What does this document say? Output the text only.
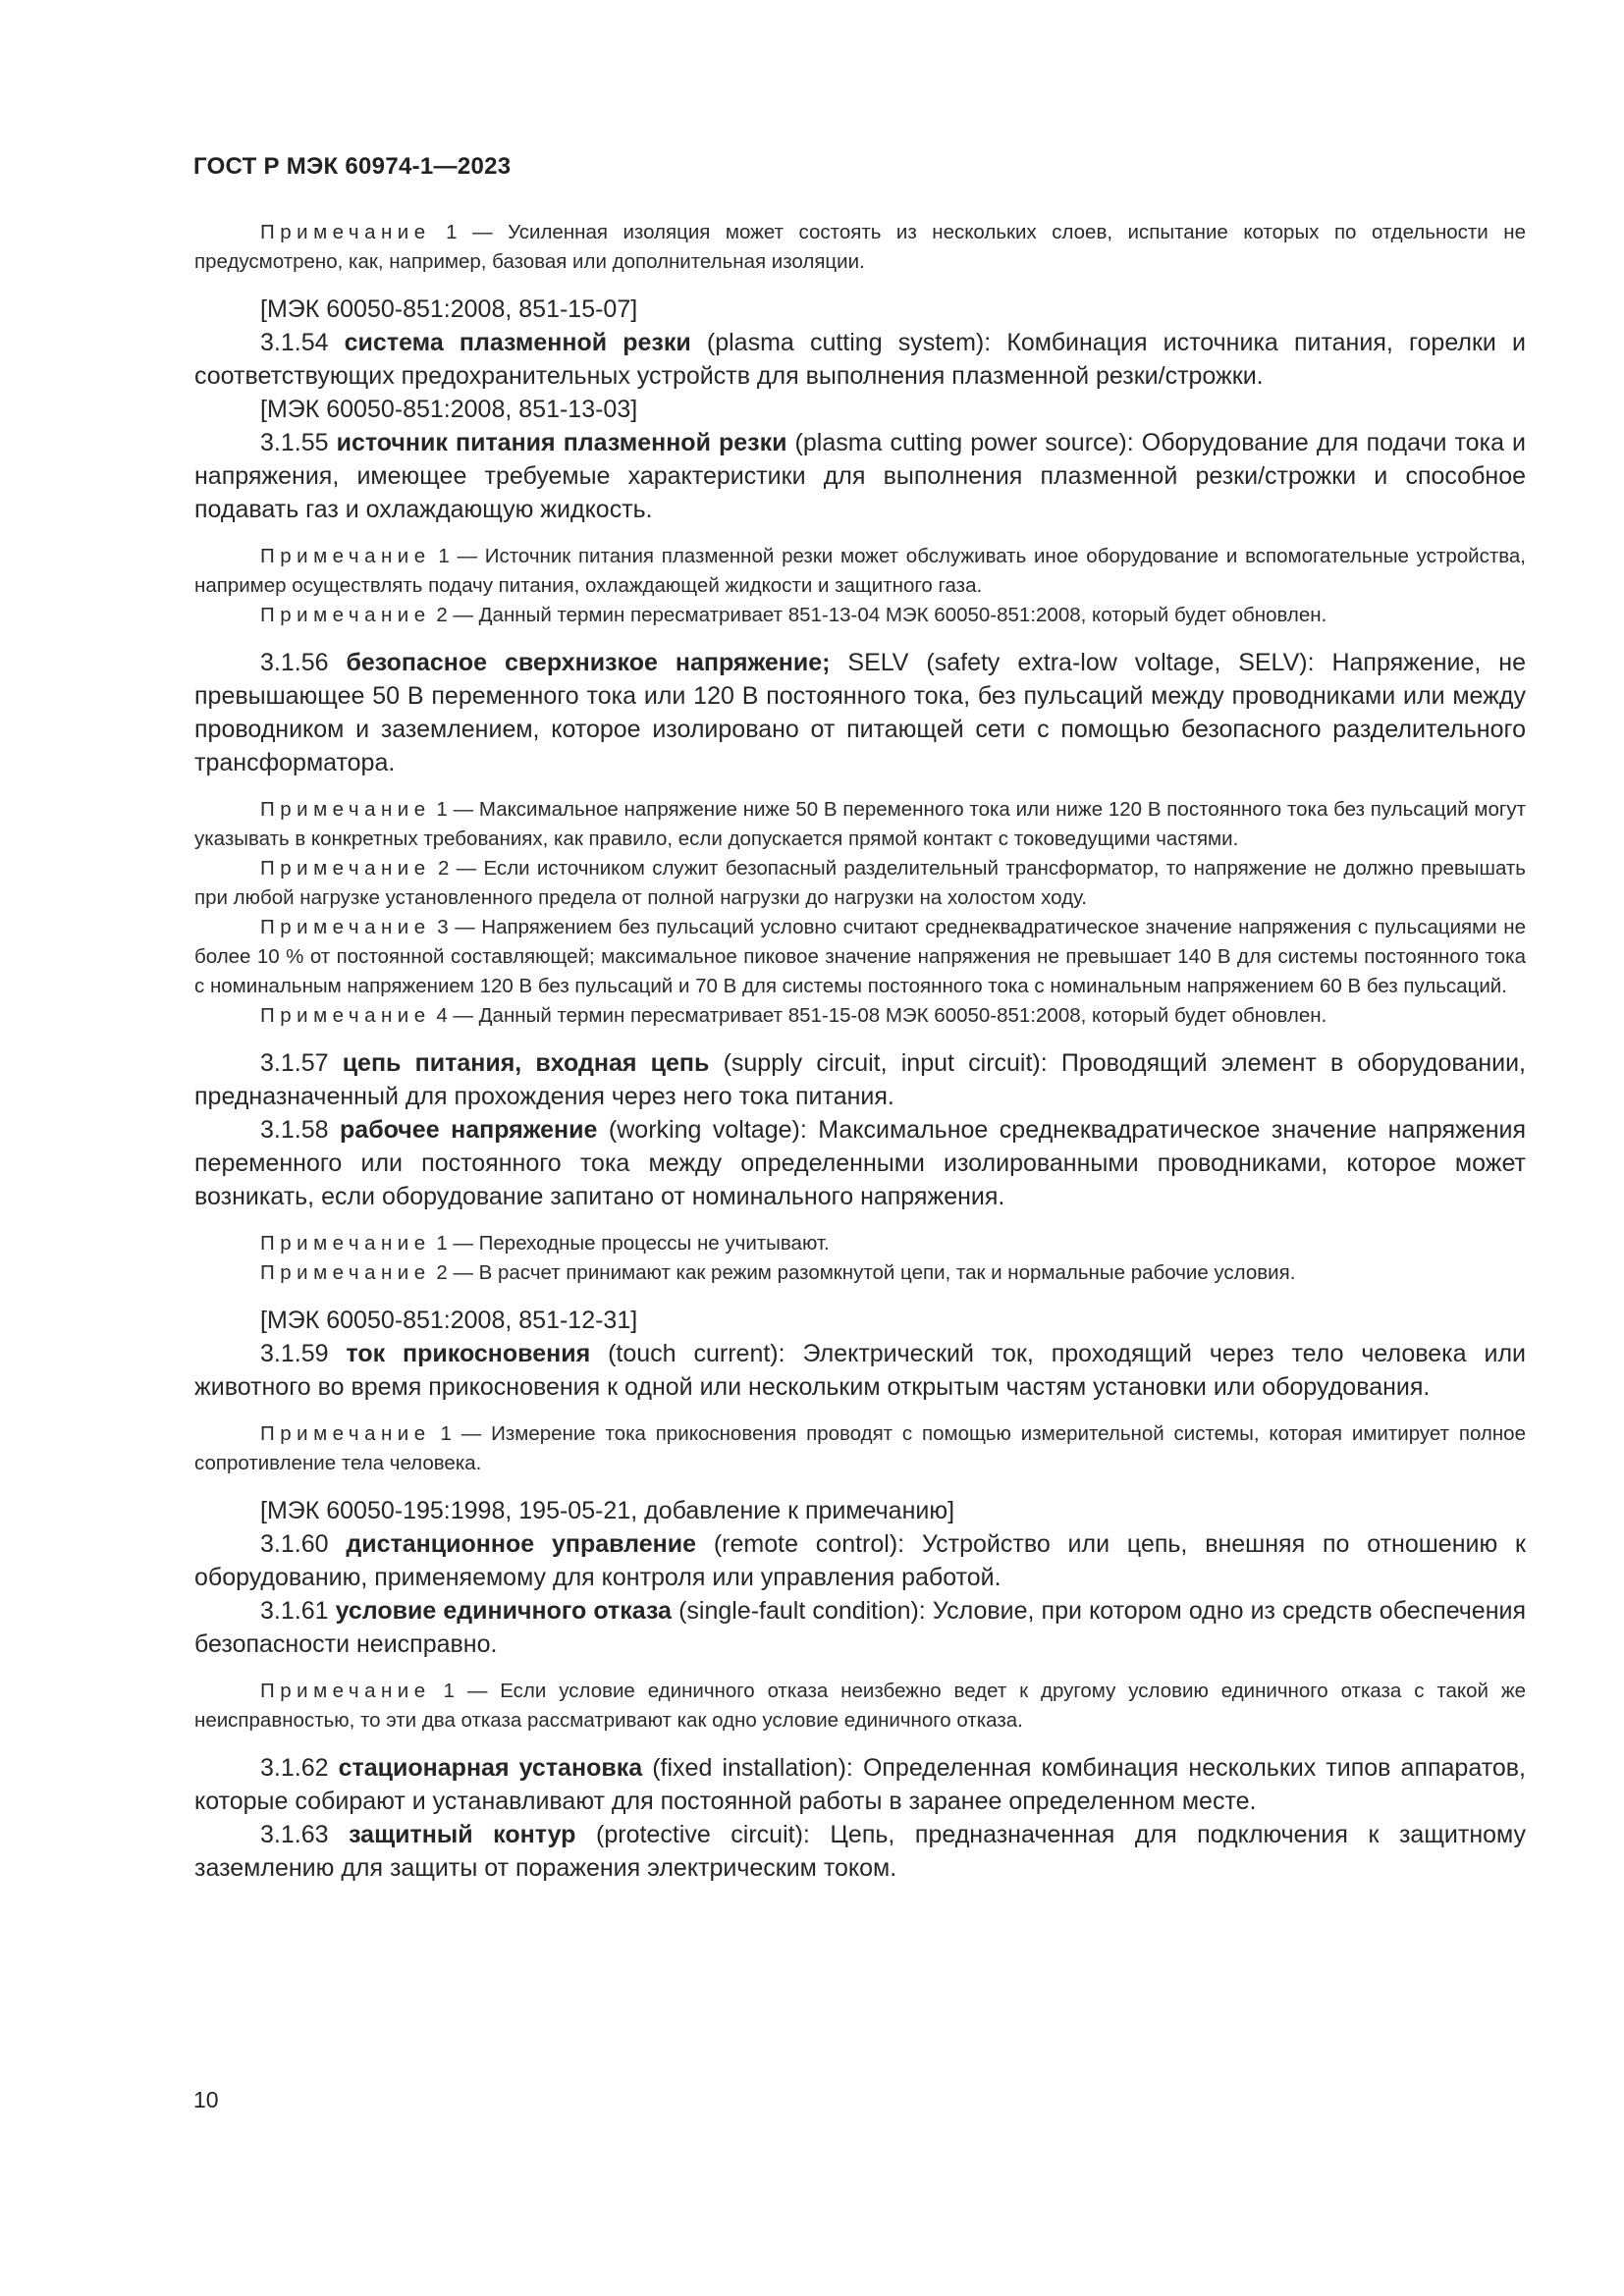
ГОСТ Р МЭК 60974-1—2023

Примечание 1 — Усиленная изоляция может состоять из нескольких слоев, испытание которых по отдельности не предусмотрено, как, например, базовая или дополнительная изоляции.

[МЭК 60050-851:2008, 851-15-07]

3.1.54 система плазменной резки (plasma cutting system): Комбинация источника питания, горелки и соответствующих предохранительных устройств для выполнения плазменной резки/строжки.

[МЭК 60050-851:2008, 851-13-03]

3.1.55 источник питания плазменной резки (plasma cutting power source): Оборудование для подачи тока и напряжения, имеющее требуемые характеристики для выполнения плазменной резки/строжки и способное подавать газ и охлаждающую жидкость.

Примечание 1 — Источник питания плазменной резки может обслуживать иное оборудование и вспомогательные устройства, например осуществлять подачу питания, охлаждающей жидкости и защитного газа.

Примечание 2 — Данный термин пересматривает 851-13-04 МЭК 60050-851:2008, который будет обновлен.

3.1.56 безопасное сверхнизкое напряжение; SELV (safety extra-low voltage, SELV): Напряжение, не превышающее 50 В переменного тока или 120 В постоянного тока, без пульсаций между проводниками или между проводником и заземлением, которое изолировано от питающей сети с помощью безопасного разделительного трансформатора.

Примечание 1 — Максимальное напряжение ниже 50 В переменного тока или ниже 120 В постоянного тока без пульсаций могут указывать в конкретных требованиях, как правило, если допускается прямой контакт с токоведущими частями.

Примечание 2 — Если источником служит безопасный разделительный трансформатор, то напряжение не должно превышать при любой нагрузке установленного предела от полной нагрузки до нагрузки на холостом ходу.

Примечание 3 — Напряжением без пульсаций условно считают среднеквадратическое значение напряжения с пульсациями не более 10 % от постоянной составляющей; максимальное пиковое значение напряжения не превышает 140 В для системы постоянного тока с номинальным напряжением 120 В без пульсаций и 70 В для системы постоянного тока с номинальным напряжением 60 В без пульсаций.

Примечание 4 — Данный термин пересматривает 851-15-08 МЭК 60050-851:2008, который будет обновлен.

3.1.57 цепь питания, входная цепь (supply circuit, input circuit): Проводящий элемент в оборудовании, предназначенный для прохождения через него тока питания.

3.1.58 рабочее напряжение (working voltage): Максимальное среднеквадратическое значение напряжения переменного или постоянного тока между определенными изолированными проводниками, которое может возникать, если оборудование запитано от номинального напряжения.

Примечание 1 — Переходные процессы не учитывают.

Примечание 2 — В расчет принимают как режим разомкнутой цепи, так и нормальные рабочие условия.

[МЭК 60050-851:2008, 851-12-31]

3.1.59 ток прикосновения (touch current): Электрический ток, проходящий через тело человека или животного во время прикосновения к одной или нескольким открытым частям установки или оборудования.

Примечание 1 — Измерение тока прикосновения проводят с помощью измерительной системы, которая имитирует полное сопротивление тела человека.

[МЭК 60050-195:1998, 195-05-21, добавление к примечанию]

3.1.60 дистанционное управление (remote control): Устройство или цепь, внешняя по отношению к оборудованию, применяемому для контроля или управления работой.

3.1.61 условие единичного отказа (single-fault condition): Условие, при котором одно из средств обеспечения безопасности неисправно.

Примечание 1 — Если условие единичного отказа неизбежно ведет к другому условию единичного отказа с такой же неисправностью, то эти два отказа рассматривают как одно условие единичного отказа.

3.1.62 стационарная установка (fixed installation): Определенная комбинация нескольких типов аппаратов, которые собирают и устанавливают для постоянной работы в заранее определенном месте.

3.1.63 защитный контур (protective circuit): Цепь, предназначенная для подключения к защитному заземлению для защиты от поражения электрическим током.

10
